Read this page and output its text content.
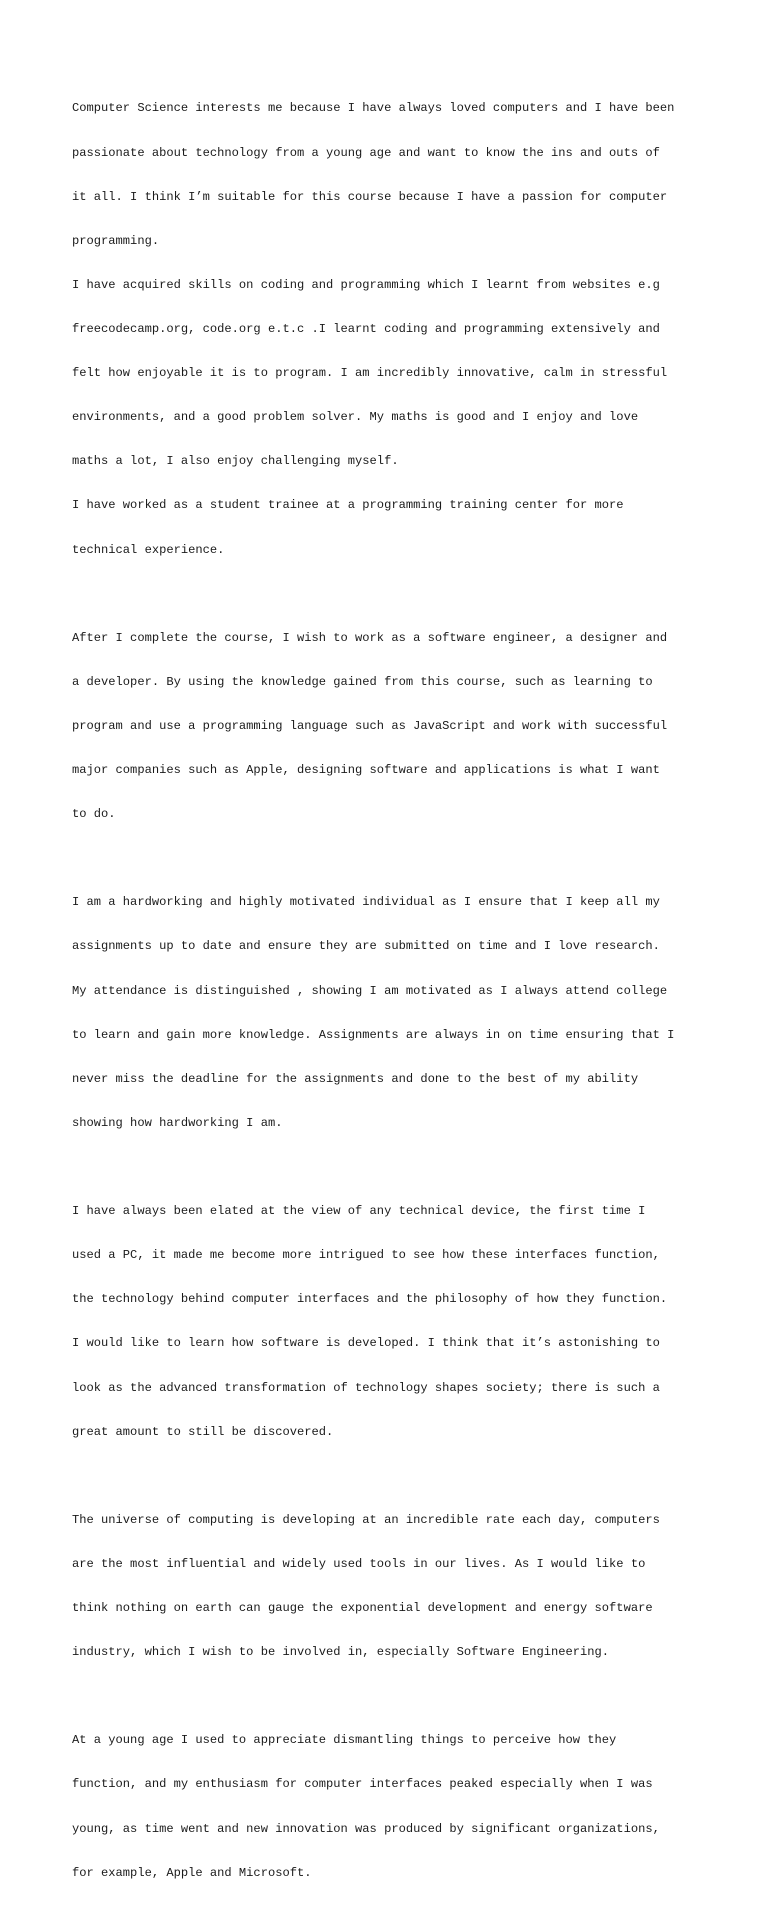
Computer Science interests me because I have always loved computers and I have been

passionate about technology from a young age and want to know the ins and outs of

it all. I think I’m suitable for this course because I have a passion for computer

programming.

I have acquired skills on coding and programming which I learnt from websites e.g

freecodecamp.org, code.org e.t.c .I learnt coding and programming extensively and

felt how enjoyable it is to program. I am incredibly innovative, calm in stressful

environments, and a good problem solver. My maths is good and I enjoy and love

maths a lot, I also enjoy challenging myself.

I have worked as a student trainee at a programming training center for more

technical experience.

After I complete the course, I wish to work as a software engineer, a designer and

a developer. By using the knowledge gained from this course, such as learning to

program and use a programming language such as JavaScript and work with successful

major companies such as Apple, designing software and applications is what I want

to do.

I am a hardworking and highly motivated individual as I ensure that I keep all my

assignments up to date and ensure they are submitted on time and I love research.

My attendance is distinguished , showing I am motivated as I always attend college

to learn and gain more knowledge. Assignments are always in on time ensuring that I

never miss the deadline for the assignments and done to the best of my ability

showing how hardworking I am.

I have always been elated at the view of any technical device, the first time I

used a PC, it made me become more intrigued to see how these interfaces function,

the technology behind computer interfaces and the philosophy of how they function.

I would like to learn how software is developed. I think that it’s astonishing to

look as the advanced transformation of technology shapes society; there is such a

great amount to still be discovered.

The universe of computing is developing at an incredible rate each day, computers

are the most influential and widely used tools in our lives. As I would like to

think nothing on earth can gauge the exponential development and energy software

industry, which I wish to be involved in, especially Software Engineering.

At a young age I used to appreciate dismantling things to perceive how they

function, and my enthusiasm for computer interfaces peaked especially when I was

young, as time went and new innovation was produced by significant organizations,

for example, Apple and Microsoft.
